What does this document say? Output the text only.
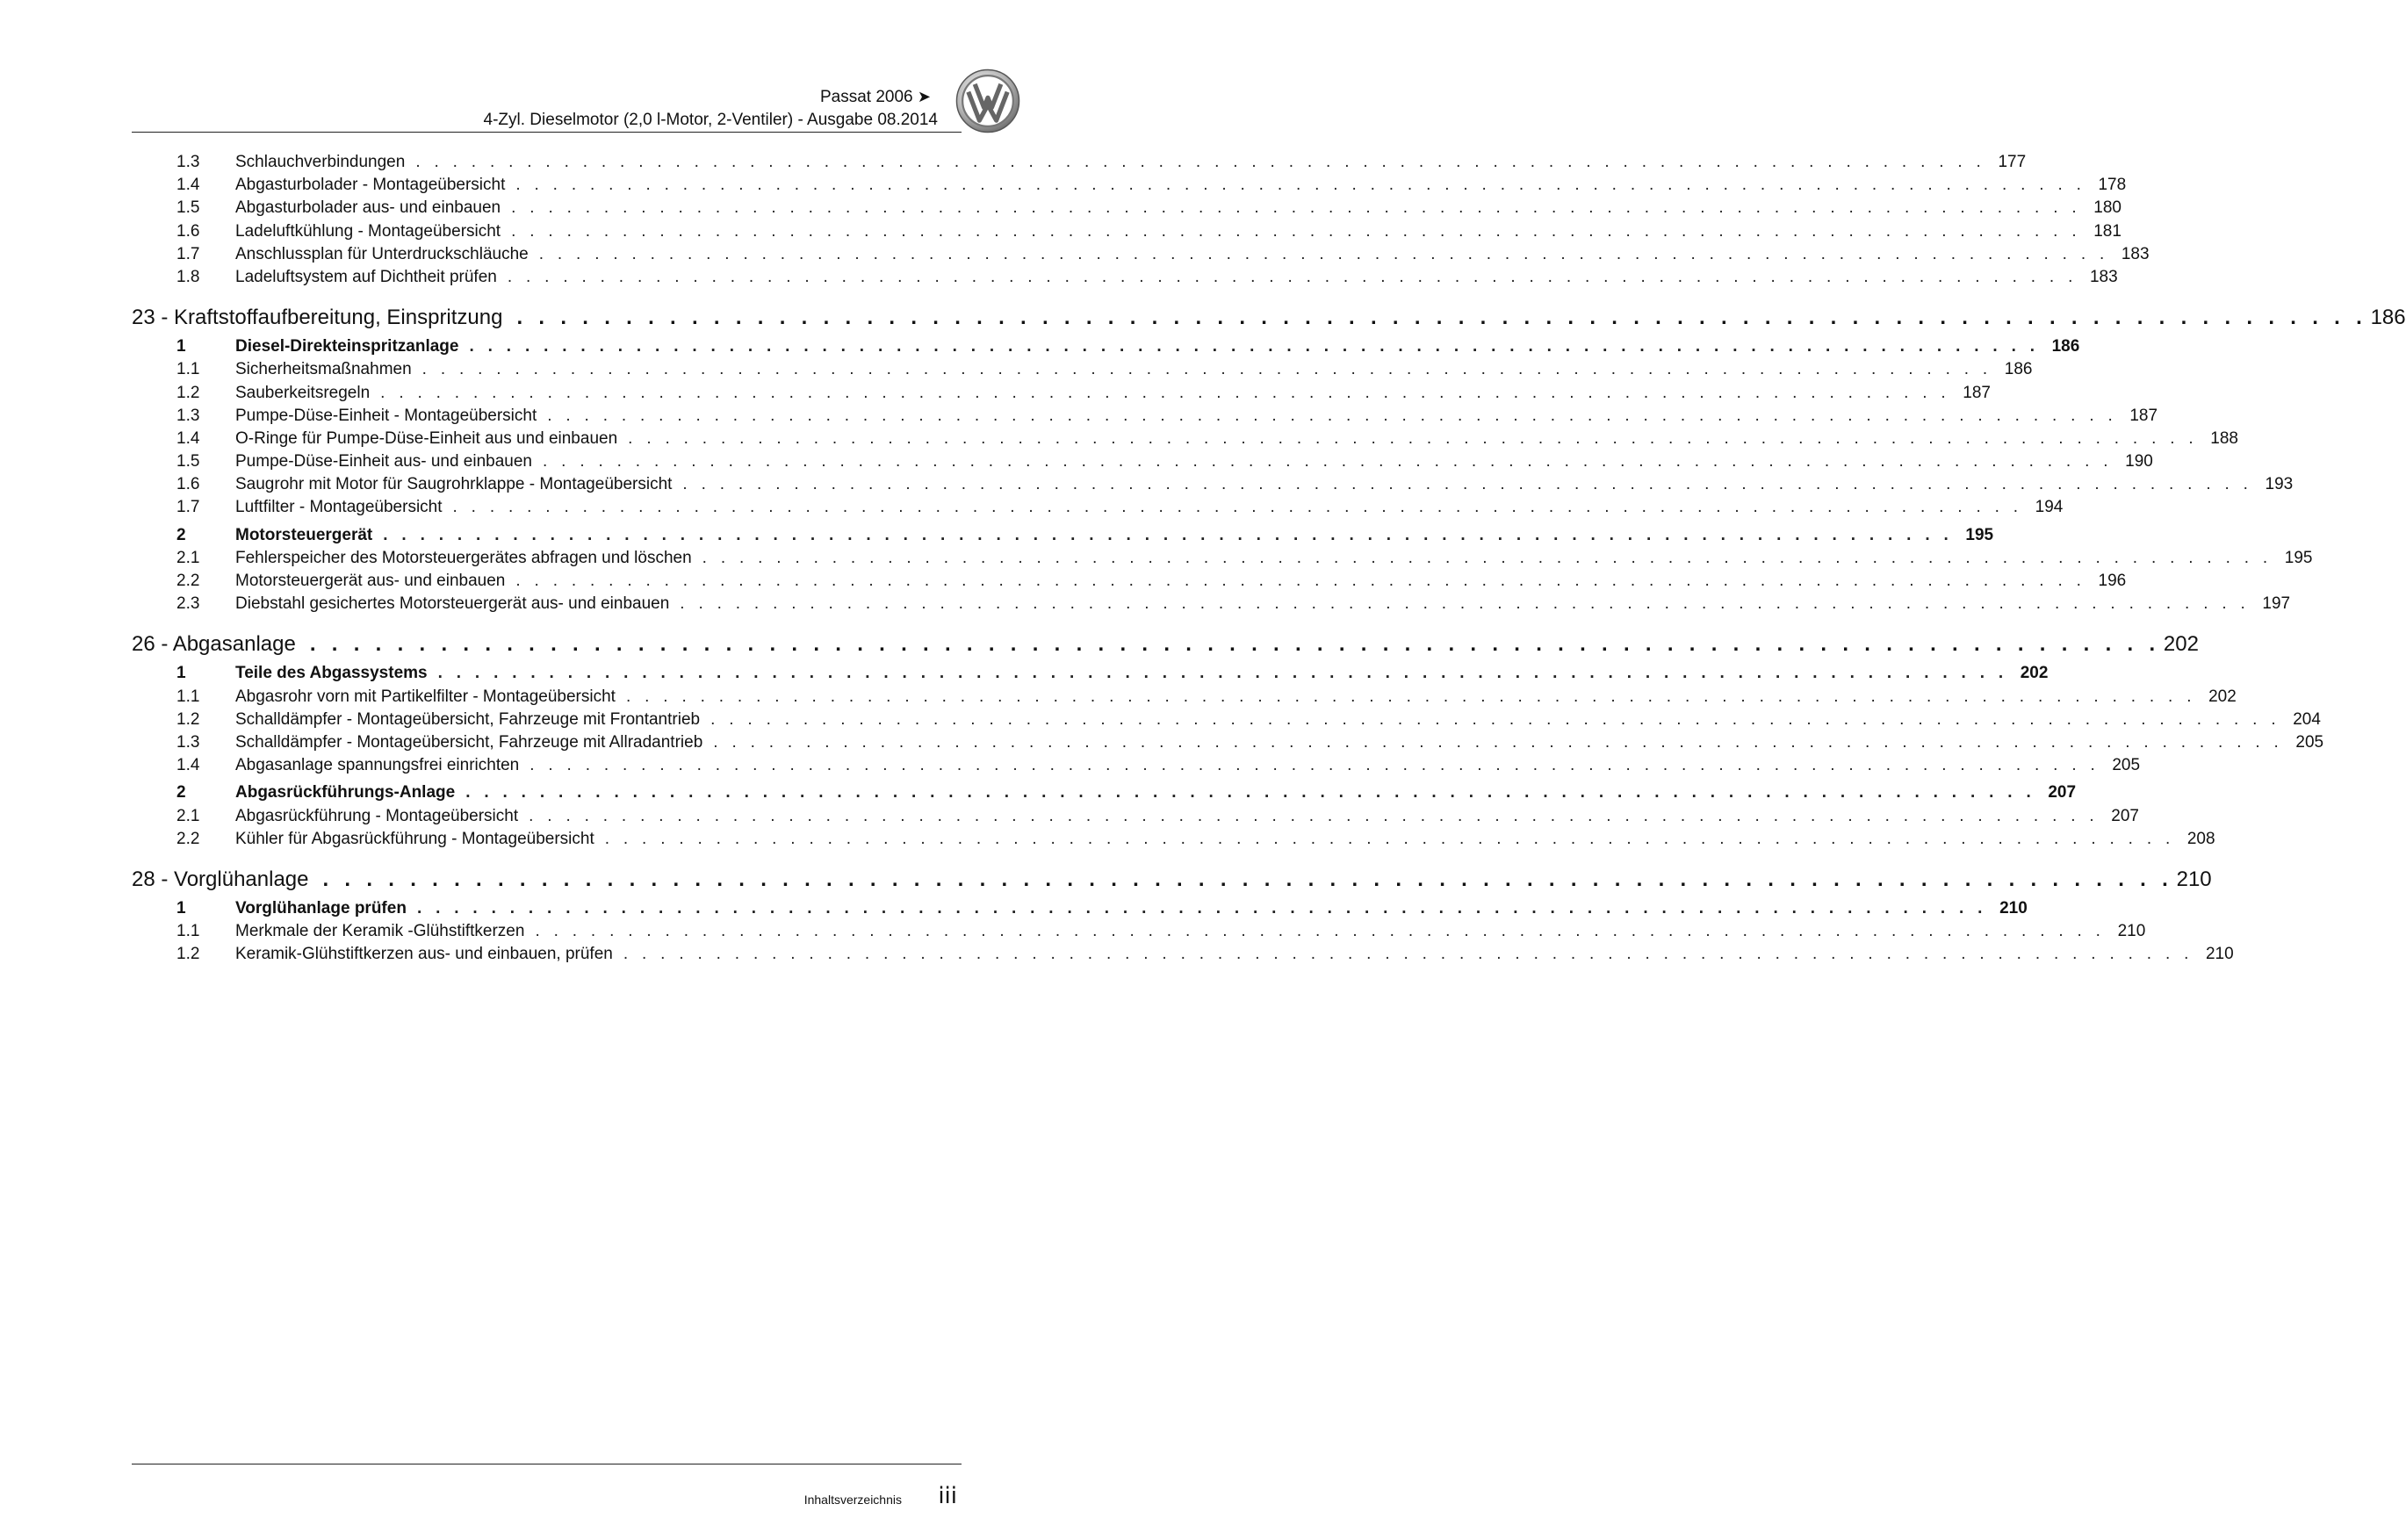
Passat 2006 ➤
4-Zyl. Dieselmotor (2,0 l-Motor, 2-Ventiler) - Ausgabe 08.2014
1.3	Schlauchverbindungen . . . . . . . . . . . . . . . . . . . . . . . . . . . . . . . . . . . . . . . . . . . . . . . . . . . . . . . . . . . . . . . . . . . . . . . . . . . . . . . . . . . . . 177
1.4	Abgasturbolader - Montageübersicht . . . . . . . . . . . . . . . . . . . . . . . . . . . . . . . . . . . . . . . . . . . . . . . . . . . . . . . . . . . . . . . . . . . . . . . . . . . . . . . . . . . . . 178
1.5	Abgasturbolader aus- und einbauen . . . . . . . . . . . . . . . . . . . . . . . . . . . . . . . . . . . . . . . . . . . . . . . . . . . . . . . . . . . . . . . . . . . . . . . . . . . . . . . . . . . . . 180
1.6	Ladeluftkühlung - Montageübersicht . . . . . . . . . . . . . . . . . . . . . . . . . . . . . . . . . . . . . . . . . . . . . . . . . . . . . . . . . . . . . . . . . . . . . . . . . . . . . . . . . . . . . 181
1.7	Anschlussplan für Unterdruckschläuche . . . . . . . . . . . . . . . . . . . . . . . . . . . . . . . . . . . . . . . . . . . . . . . . . . . . . . . . . . . . . . . . . . . . . . . . . . . . . . . . . . . . . 183
1.8	Ladeluftsystem auf Dichtheit prüfen . . . . . . . . . . . . . . . . . . . . . . . . . . . . . . . . . . . . . . . . . . . . . . . . . . . . . . . . . . . . . . . . . . . . . . . . . . . . . . . . . . . . . 183
23 - Kraftstoffaufbereitung, Einspritzung . . . . . . . . . . . . . . . . . . . . . . . . . . . . . . . . . . . . . . . . . . . . . . . . . . . . . . . . . . . . . . . . . . . . . . . . . . . . . . . . . . . . . 186
1	Diesel-Direkteinspritzanlage . . . . . . . . . . . . . . . . . . . . . . . . . . . . . . . . . . . . . . . . . . . . . . . . . . . . . . . . . . . . . . . . . . . . . . . . . . . . . . . . . . . . . 186
1.1	Sicherheitsmaßnahmen . . . . . . . . . . . . . . . . . . . . . . . . . . . . . . . . . . . . . . . . . . . . . . . . . . . . . . . . . . . . . . . . . . . . . . . . . . . . . . . . . . . . . 186
1.2	Sauberkeitsregeln . . . . . . . . . . . . . . . . . . . . . . . . . . . . . . . . . . . . . . . . . . . . . . . . . . . . . . . . . . . . . . . . . . . . . . . . . . . . . . . . . . . . . 187
1.3	Pumpe-Düse-Einheit - Montageübersicht . . . . . . . . . . . . . . . . . . . . . . . . . . . . . . . . . . . . . . . . . . . . . . . . . . . . . . . . . . . . . . . . . . . . . . . . . . . . . . . . . . . . . 187
1.4	O-Ringe für Pumpe-Düse-Einheit aus und einbauen . . . . . . . . . . . . . . . . . . . . . . . . . . . . . . . . . . . . . . . . . . . . . . . . . . . . . . . . . . . . . . . . . . . . . . . . . . . . . . . . . . . . . 188
1.5	Pumpe-Düse-Einheit aus- und einbauen . . . . . . . . . . . . . . . . . . . . . . . . . . . . . . . . . . . . . . . . . . . . . . . . . . . . . . . . . . . . . . . . . . . . . . . . . . . . . . . . . . . . . 190
1.6	Saugrohr mit Motor für Saugrohrklappe - Montageübersicht . . . . . . . . . . . . . . . . . . . . . . . . . . . . . . . . . . . . . . . . . . . . . . . . . . . . . . . . . . . . . . . . . . . . . . . . . . . . . . . . . . . . . 193
1.7	Luftfilter - Montageübersicht . . . . . . . . . . . . . . . . . . . . . . . . . . . . . . . . . . . . . . . . . . . . . . . . . . . . . . . . . . . . . . . . . . . . . . . . . . . . . . . . . . . . . 194
2	Motorsteuergerät . . . . . . . . . . . . . . . . . . . . . . . . . . . . . . . . . . . . . . . . . . . . . . . . . . . . . . . . . . . . . . . . . . . . . . . . . . . . . . . . . . . . . 195
2.1	Fehlerspeicher des Motorsteuergerätes abfragen und löschen . . . . . . . . . . . . . . . . . . . . . . . . . . . . . . . . . . . . . . . . . . . . . . . . . . . . . . . . . . . . . . . . . . . . . . . . . . . . . . . . . . . . . 195
2.2	Motorsteuergerät aus- und einbauen . . . . . . . . . . . . . . . . . . . . . . . . . . . . . . . . . . . . . . . . . . . . . . . . . . . . . . . . . . . . . . . . . . . . . . . . . . . . . . . . . . . . . 196
2.3	Diebstahl gesichertes Motorsteuergerät aus- und einbauen . . . . . . . . . . . . . . . . . . . . . . . . . . . . . . . . . . . . . . . . . . . . . . . . . . . . . . . . . . . . . . . . . . . . . . . . . . . . . . . . . . . . . 197
26 - Abgasanlage . . . . . . . . . . . . . . . . . . . . . . . . . . . . . . . . . . . . . . . . . . . . . . . . . . . . . . . . . . . . . . . . . . . . . . . . . . . . . . . . . . . . . 202
1	Teile des Abgassystems . . . . . . . . . . . . . . . . . . . . . . . . . . . . . . . . . . . . . . . . . . . . . . . . . . . . . . . . . . . . . . . . . . . . . . . . . . . . . . . . . . . . . 202
1.1	Abgasrohr vorn mit Partikelfilter - Montageübersicht . . . . . . . . . . . . . . . . . . . . . . . . . . . . . . . . . . . . . . . . . . . . . . . . . . . . . . . . . . . . . . . . . . . . . . . . . . . . . . . . . . . . . 202
1.2	Schalldämpfer - Montageübersicht, Fahrzeuge mit Frontantrieb . . . . . . . . . . . . . . . . . . . . . . . . . . . . . . . . . . . . . . . . . . . . . . . . . . . . . . . . . . . . . . . . . . . . . . . . . . . . . . . . . . . . . 204
1.3	Schalldämpfer - Montageübersicht, Fahrzeuge mit Allradantrieb . . . . . . . . . . . . . . . . . . . . . . . . . . . . . . . . . . . . . . . . . . . . . . . . . . . . . . . . . . . . . . . . . . . . . . . . . . . . . . . . . . . . . 205
1.4	Abgasanlage spannungsfrei einrichten . . . . . . . . . . . . . . . . . . . . . . . . . . . . . . . . . . . . . . . . . . . . . . . . . . . . . . . . . . . . . . . . . . . . . . . . . . . . . . . . . . . . . 205
2	Abgasrückführungs-Anlage . . . . . . . . . . . . . . . . . . . . . . . . . . . . . . . . . . . . . . . . . . . . . . . . . . . . . . . . . . . . . . . . . . . . . . . . . . . . . . . . . . . . . 207
2.1	Abgasrückführung - Montageübersicht . . . . . . . . . . . . . . . . . . . . . . . . . . . . . . . . . . . . . . . . . . . . . . . . . . . . . . . . . . . . . . . . . . . . . . . . . . . . . . . . . . . . . 207
2.2	Kühler für Abgasrückführung - Montageübersicht . . . . . . . . . . . . . . . . . . . . . . . . . . . . . . . . . . . . . . . . . . . . . . . . . . . . . . . . . . . . . . . . . . . . . . . . . . . . . . . . . . . . . 208
28 - Vorglühanlage . . . . . . . . . . . . . . . . . . . . . . . . . . . . . . . . . . . . . . . . . . . . . . . . . . . . . . . . . . . . . . . . . . . . . . . . . . . . . . . . . . . . . 210
1	Vorglühanlage prüfen . . . . . . . . . . . . . . . . . . . . . . . . . . . . . . . . . . . . . . . . . . . . . . . . . . . . . . . . . . . . . . . . . . . . . . . . . . . . . . . . . . . . . 210
1.1	Merkmale der Keramik -Glühstiftkerzen . . . . . . . . . . . . . . . . . . . . . . . . . . . . . . . . . . . . . . . . . . . . . . . . . . . . . . . . . . . . . . . . . . . . . . . . . . . . . . . . . . . . . 210
1.2	Keramik-Glühstiftkerzen aus- und einbauen, prüfen . . . . . . . . . . . . . . . . . . . . . . . . . . . . . . . . . . . . . . . . . . . . . . . . . . . . . . . . . . . . . . . . . . . . . . . . . . . . . . . . . . . . . 210
Inhaltsverzeichnis iii
